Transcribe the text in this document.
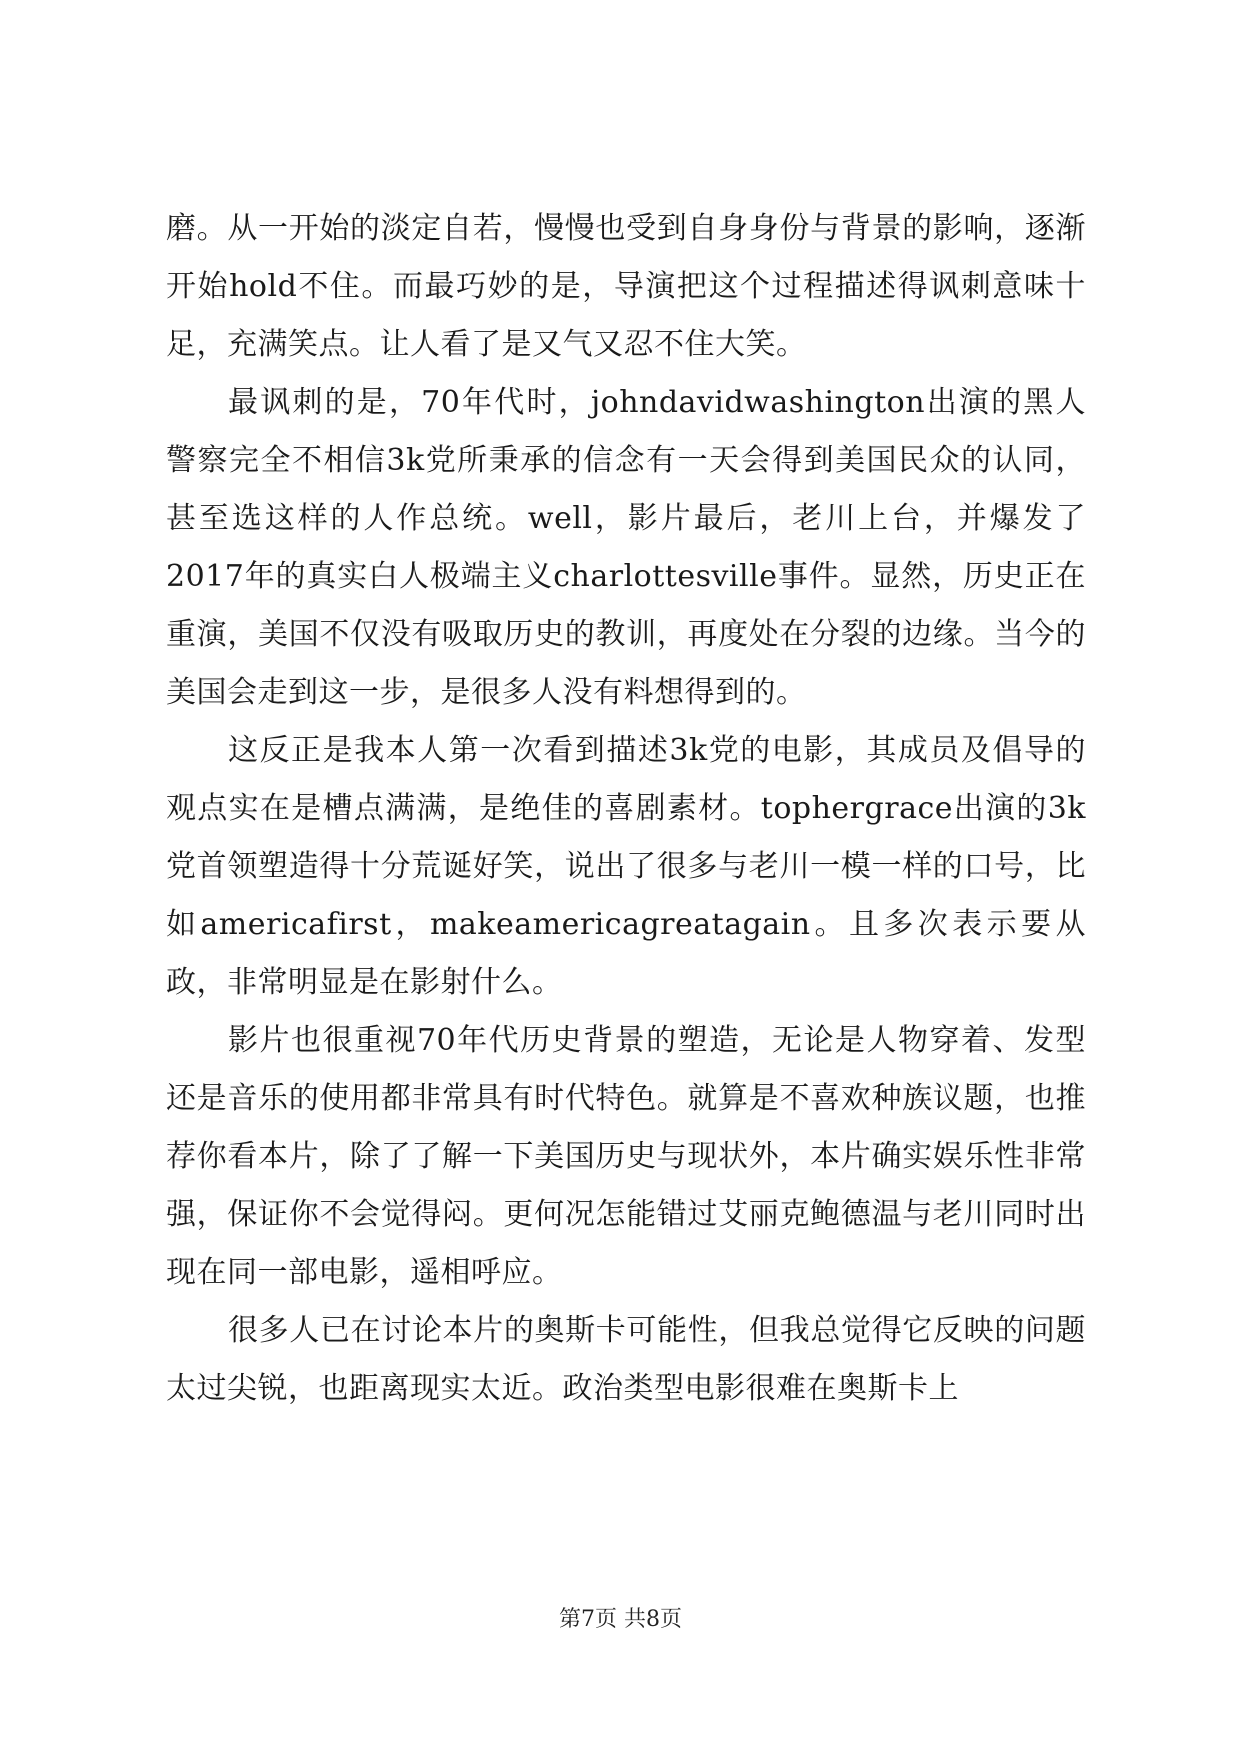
磨。从一开始的淡定自若，慢慢也受到自身身份与背景的影响，逐渐开始hold不住。而最巧妙的是，导演把这个过程描述得讽刺意味十足，充满笑点。让人看了是又气又忍不住大笑。

最讽刺的是，70年代时，johndavidwashington出演的黑人警察完全不相信3k党所秉承的信念有一天会得到美国民众的认同，甚至选这样的人作总统。well，影片最后，老川上台，并爆发了2017年的真实白人极端主义charlottesville事件。显然，历史正在重演，美国不仅没有吸取历史的教训，再度处在分裂的边缘。当今的美国会走到这一步，是很多人没有料想得到的。

这反正是我本人第一次看到描述3k党的电影，其成员及倡导的观点实在是槽点满满，是绝佳的喜剧素材。tophergrace出演的3k党首领塑造得十分荒诞好笑，说出了很多与老川一模一样的口号，比如americafirst，makeamericagreatagain。且多次表示要从政，非常明显是在影射什么。

影片也很重视70年代历史背景的塑造，无论是人物穿着、发型还是音乐的使用都非常具有时代特色。就算是不喜欢种族议题，也推荐你看本片，除了了解一下美国历史与现状外，本片确实娱乐性非常强，保证你不会觉得闷。更何况怎能错过艾丽克鲍德温与老川同时出现在同一部电影，遥相呼应。

很多人已在讨论本片的奥斯卡可能性，但我总觉得它反映的问题太过尖锐，也距离现实太近。政治类型电影很难在奥斯卡上

第7页 共8页
